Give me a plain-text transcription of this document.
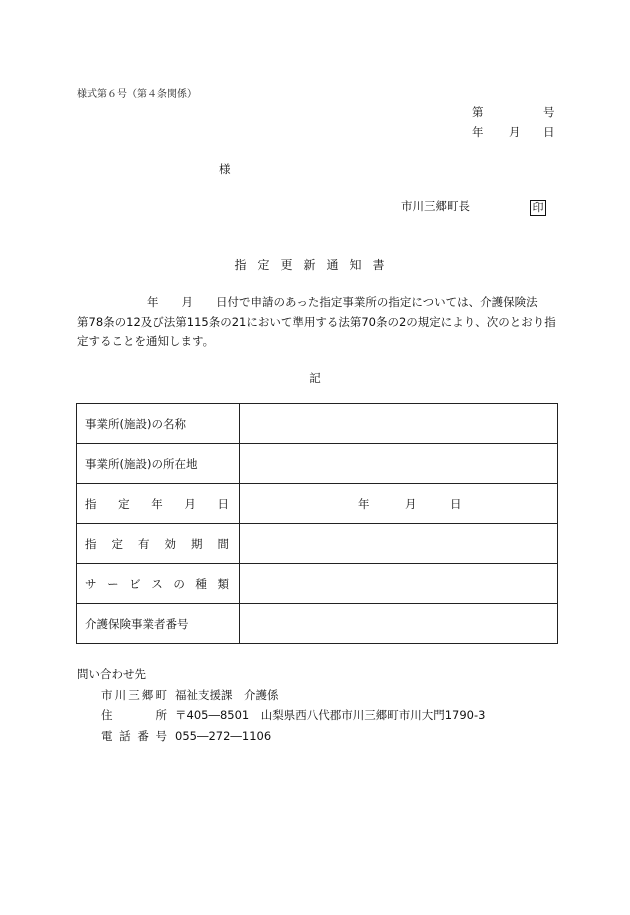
様式第６号（第４条関係）
第	号
年 月 日
様
市川三郷町長	印
指定更新通知書
年　　月　　日付で申請のあった指定事業所の指定については、介護保険法
第78条の12及び法第115条の21において準用する法第70条の2の規定により、次のとおり指
定することを通知します。
記
事業所(施設)の名称	
事業所(施設)の所在地	
指定年月日	年 月 日

指定有効期間	
サービスの種類	
介護保険事業者番号	
問い合わせ先
市川三郷町 福祉支援課　介護係
住所 〒405―8501　山梨県西八代郡市川三郷町市川大門1790-3
電話番号 055―272―1106
